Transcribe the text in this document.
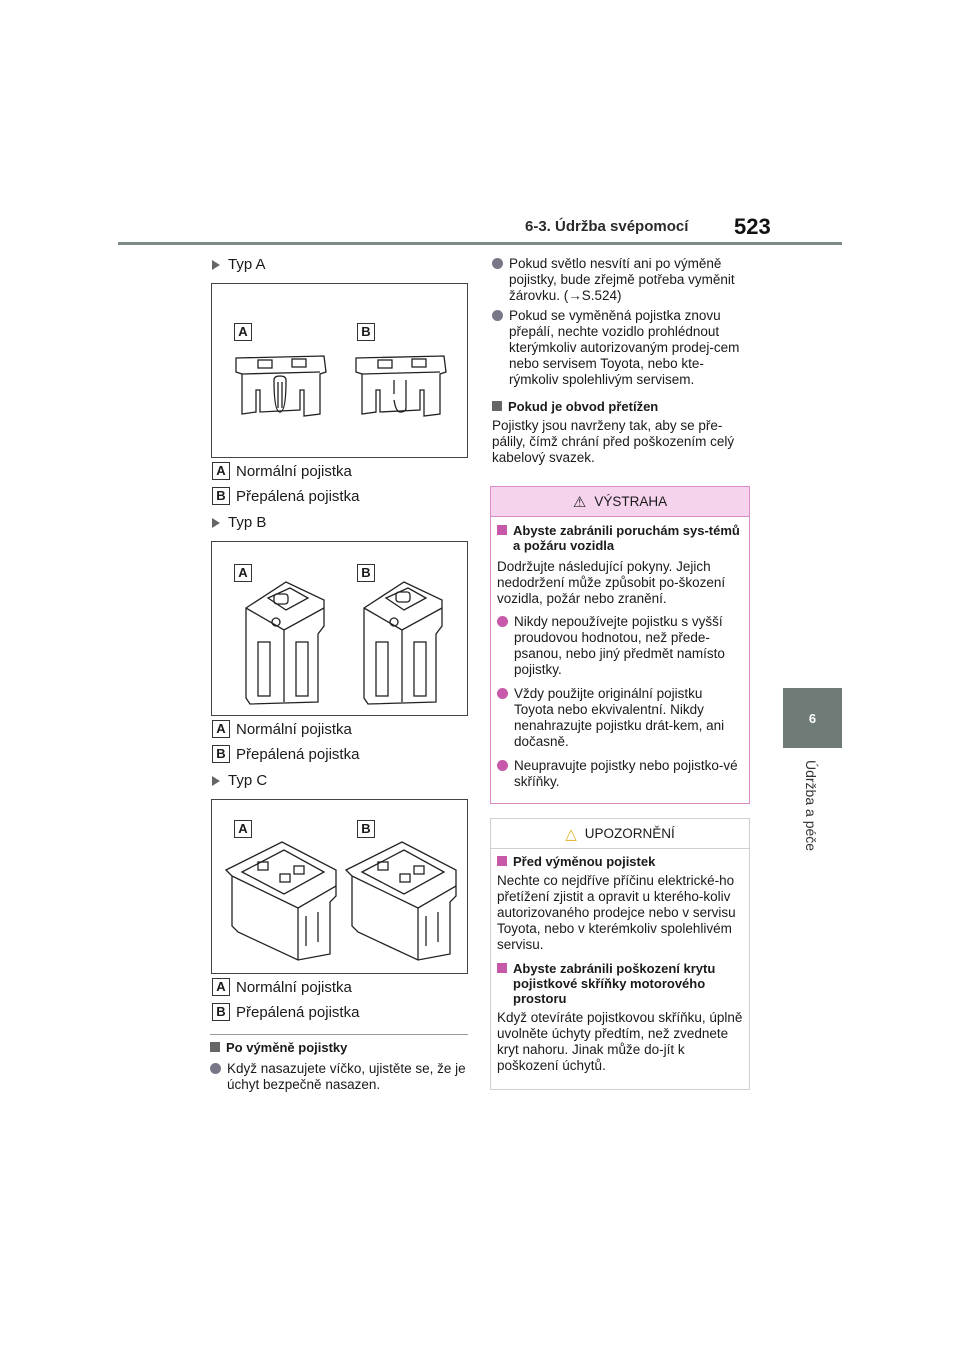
6-3. Údržba svépomocí 523
6
Údržba a péče
Typ A
A	B
A Normální pojistka
B Přepálená pojistka
Typ B
A	B
A Normální pojistka
B Přepálená pojistka
Typ C
A	B
A Normální pojistka
B Přepálená pojistka
Po výměně pojistky
Když nasazujete víčko, ujistěte se, že je úchyt bezpečně nasazen.
Pokud světlo nesvítí ani po výměně pojistky, bude zřejmě potřeba vyměnit žárovku. (→S.524)
Pokud se vyměněná pojistka znovu přepálí, nechte vozidlo prohlédnout kterýmkoliv autorizovaným prodej-cem nebo servisem Toyota, nebo kte-rýmkoliv spolehlivým servisem.
Pokud je obvod přetížen
Pojistky jsou navrženy tak, aby se pře-pálily, čímž chrání před poškozením celý kabelový svazek.
⚠ VÝSTRAHA
Abyste zabránili poruchám sys-témů a požáru vozidla
Dodržujte následující pokyny. Jejich nedodržení může způsobit po-škození vozidla, požár nebo zranění.
Nikdy nepoužívejte pojistku s vyšší proudovou hodnotou, než přede-psanou, nebo jiný předmět namísto pojistky.
Vždy použijte originální pojistku Toyota nebo ekvivalentní. Nikdy nenahrazujte pojistku drát-kem, ani dočasně.
Neupravujte pojistky nebo pojistko-vé skříňky.
△ UPOZORNĚNÍ
Před výměnou pojistek
Nechte co nejdříve příčinu elektrické-ho přetížení zjistit a opravit u kterého-koliv autorizovaného prodejce nebo v servisu Toyota, nebo v kterémkoliv spolehlivém servisu.
Abyste zabránili poškození krytu pojistkové skříňky motorového prostoru
Když otevíráte pojistkovou skříňku, úplně uvolněte úchyty předtím, než zvednete kryt nahoru. Jinak může do-jít k poškození úchytů.
